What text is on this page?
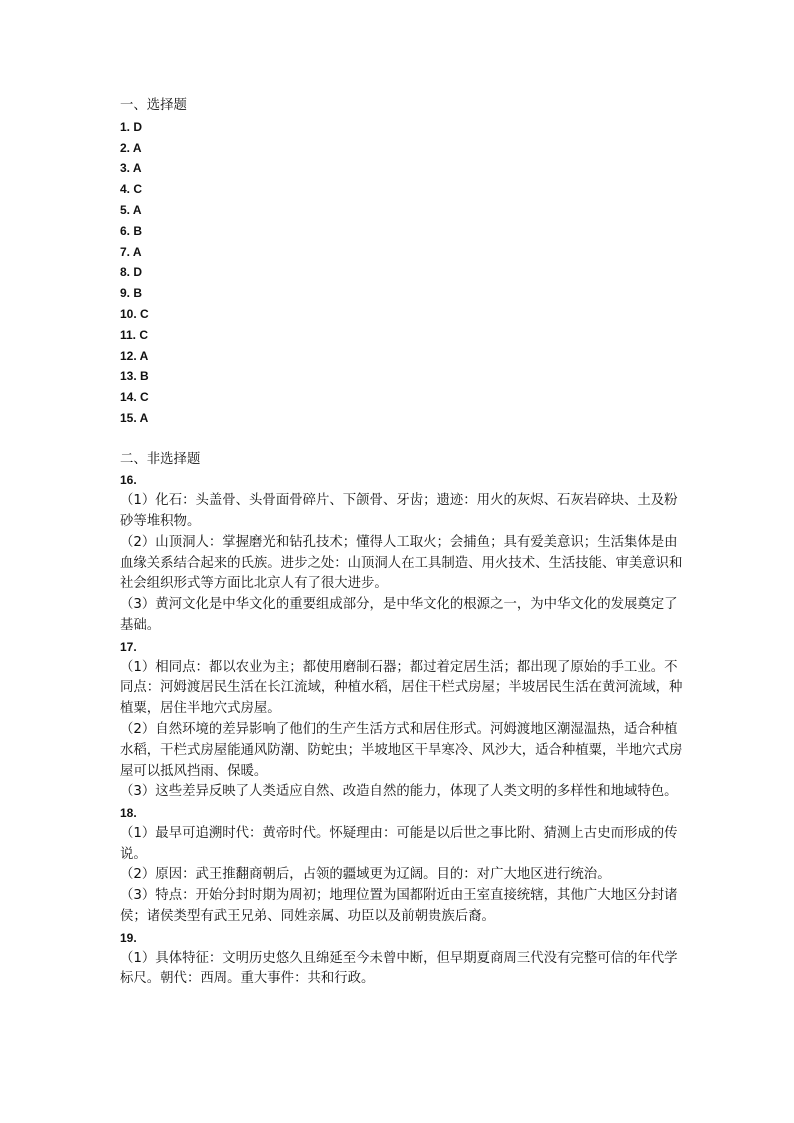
一、选择题
1. D
2. A
3. A
4. C
5. A
6. B
7. A
8. D
9. B
10. C
11. C
12. A
13. B
14. C
15. A
二、非选择题
16.

（1）化石：头盖骨、头骨面骨碎片、下颌骨、牙齿；遗迹：用火的灰烬、石灰岩碎块、土及粉砂等堆积物。

（2）山顶洞人：掌握磨光和钻孔技术；懂得人工取火；会捕鱼；具有爱美意识；生活集体是由血缘关系结合起来的氏族。进步之处：山顶洞人在工具制造、用火技术、生活技能、审美意识和社会组织形式等方面比北京人有了很大进步。

（3）黄河文化是中华文化的重要组成部分，是中华文化的根源之一，为中华文化的发展奠定了基础。

17.

（1）相同点：都以农业为主；都使用磨制石器；都过着定居生活；都出现了原始的手工业。不同点：河姆渡居民生活在长江流域，种植水稻，居住干栏式房屋；半坡居民生活在黄河流域，种植粟，居住半地穴式房屋。

（2）自然环境的差异影响了他们的生产生活方式和居住形式。河姆渡地区潮湿温热，适合种植水稻，干栏式房屋能通风防潮、防蛇虫；半坡地区干旱寒冷、风沙大，适合种植粟，半地穴式房屋可以抵风挡雨、保暖。

（3）这些差异反映了人类适应自然、改造自然的能力，体现了人类文明的多样性和地域特色。

18.

（1）最早可追溯时代：黄帝时代。怀疑理由：可能是以后世之事比附、猜测上古史而形成的传说。

（2）原因：武王推翻商朝后，占领的疆域更为辽阔。目的：对广大地区进行统治。

（3）特点：开始分封时期为周初；地理位置为国都附近由王室直接统辖，其他广大地区分封诸侯；诸侯类型有武王兄弟、同姓亲属、功臣以及前朝贵族后裔。

19.

（1）具体特征：文明历史悠久且绵延至今未曾中断，但早期夏商周三代没有完整可信的年代学标尺。朝代：西周。重大事件：共和行政。
